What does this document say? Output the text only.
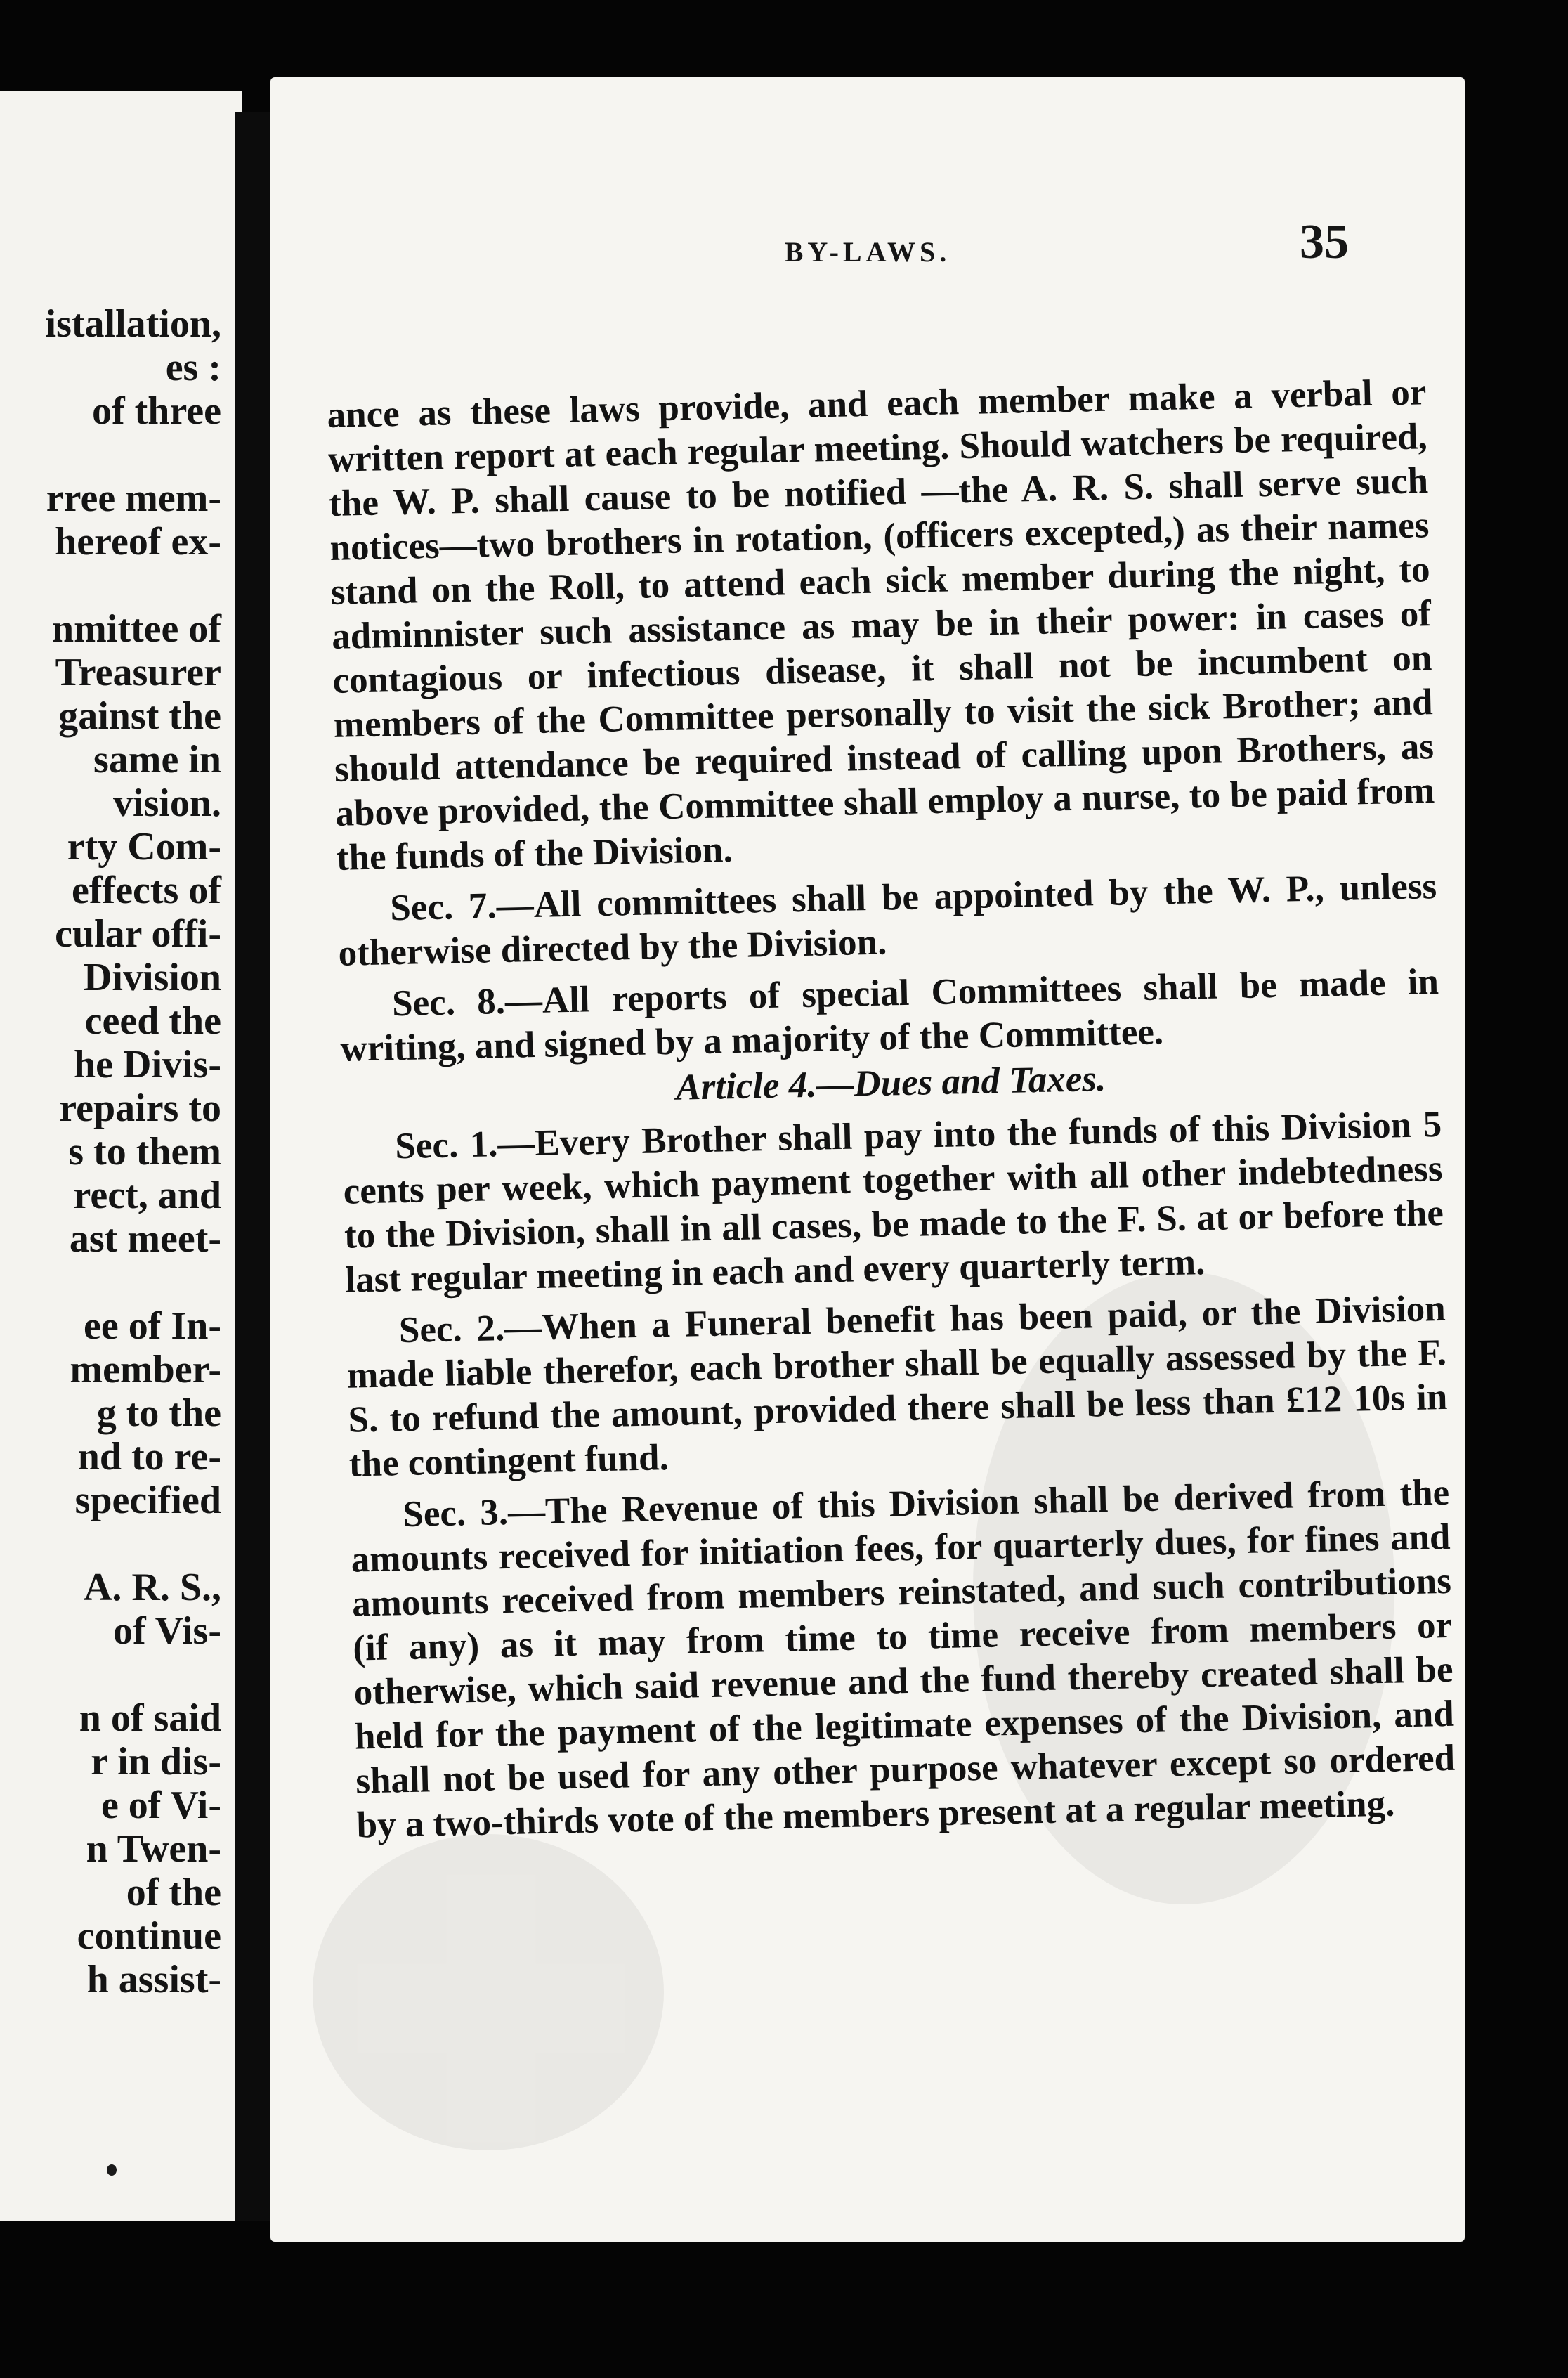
istallation,
es :
of three
rree mem-
hereof ex-
nmittee of
Treasurer
gainst the
same in
vision.
rty Com-
effects of
cular offi-
Division
ceed the
he Divis-
repairs to
s to them
rect, and
ast meet-
ee of In-
member-
g to the
nd to re-
specified
A. R. S.,
of Vis-
n of said
r in dis-
e of Vi-
n Twen-
of the
continue
h assist-
BY-LAWS.	35

ance as these laws provide, and each member make a verbal or written report at each regular meeting. Should watchers be required, the W. P. shall cause to be notified —the A. R. S. shall serve such notices—two brothers in rotation, (officers excepted,) as their names stand on the Roll, to attend each sick member during the night, to adminnister such assistance as may be in their power: in cases of contagious or infectious disease, it shall not be incumbent on members of the Committee personally to visit the sick Brother; and should attendance be required instead of calling upon Brothers, as above provided, the Committee shall employ a nurse, to be paid from the funds of the Division.

Sec. 7.—All committees shall be appointed by the W. P., unless otherwise directed by the Division.

Sec. 8.—All reports of special Committees shall be made in writing, and signed by a majority of the Committee.

Article 4.—Dues and Taxes.

Sec. 1.—Every Brother shall pay into the funds of this Division 5 cents per week, which payment together with all other indebtedness to the Division, shall in all cases, be made to the F. S. at or before the last regular meeting in each and every quarterly term.

Sec. 2.—When a Funeral benefit has been paid, or the Division made liable therefor, each brother shall be equally assessed by the F. S. to refund the amount, provided there shall be less than £12 10s in the contingent fund.

Sec. 3.—The Revenue of this Division shall be derived from the amounts received for initiation fees, for quarterly dues, for fines and amounts received from members reinstated, and such contributions (if any) as it may from time to time receive from members or otherwise, which said revenue and the fund thereby created shall be held for the payment of the legitimate expenses of the Division, and shall not be used for any other purpose whatever except so ordered by a two-thirds vote of the members present at a regular meeting.
